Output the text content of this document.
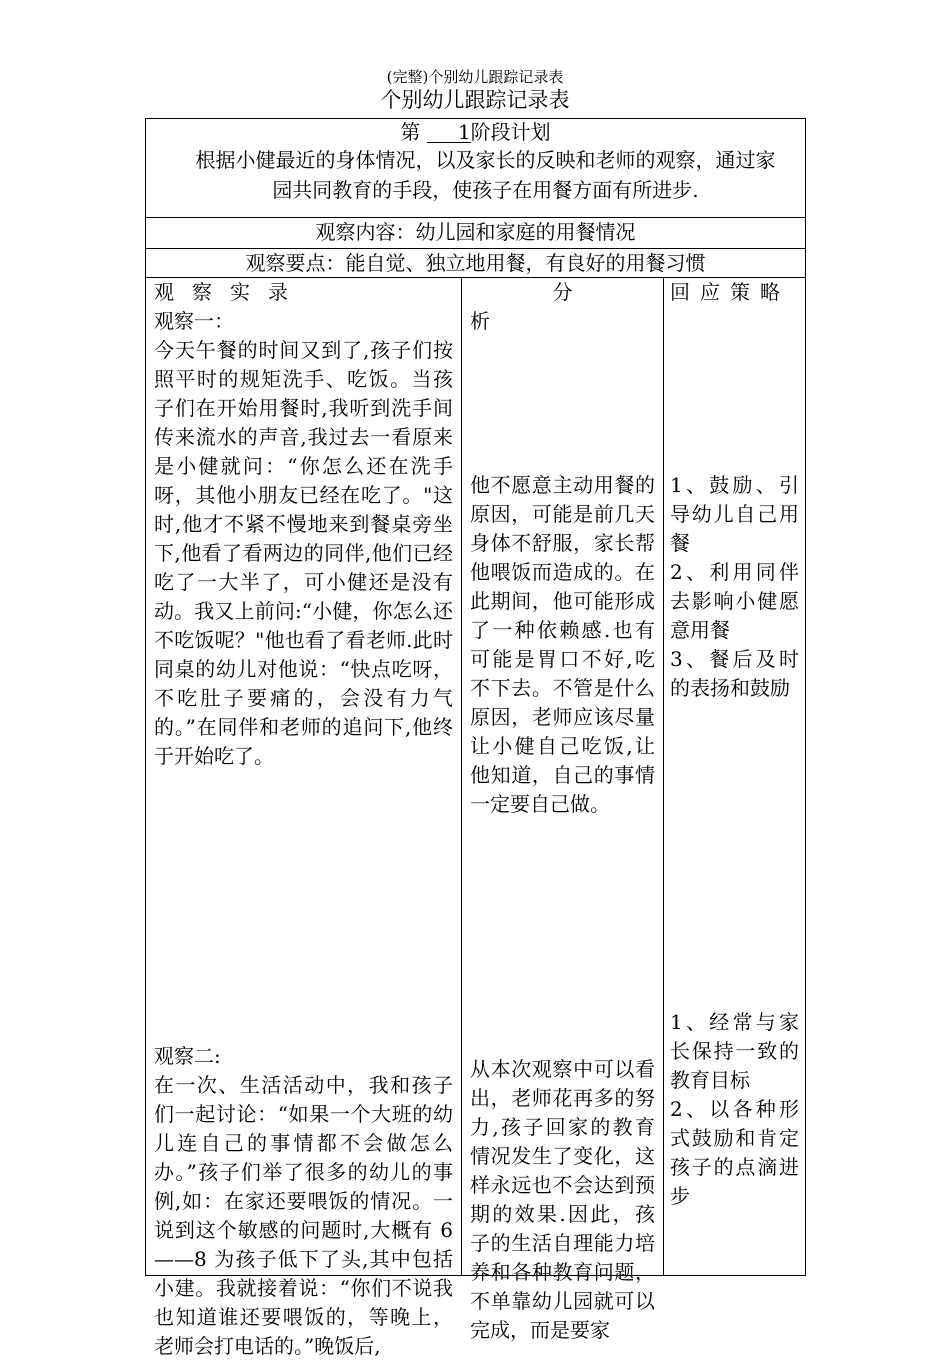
(完整)个别幼儿跟踪记录表
个别幼儿跟踪记录表
第 1阶段计划
根据小健最近的身体情况，以及家长的反映和老师的观察，通过家园共同教育的手段，使孩子在用餐方面有所进步.
观察内容：幼儿园和家庭的用餐情况
观察要点：能自觉、独立地用餐，有良好的用餐习惯
观察实录

观察一：

今天午餐的时间又到了,孩子们按照平时的规矩洗手、吃饭。当孩子们在开始用餐时,我听到洗手间传来流水的声音,我过去一看原来是小健就问：“你怎么还在洗手呀，其他小朋友已经在吃了。"这时,他才不紧不慢地来到餐桌旁坐下,他看了看两边的同伴,他们已经吃了一大半了，可小健还是没有动。我又上前问:“小健，你怎么还不吃饭呢？"他也看了看老师.此时同桌的幼儿对他说：“快点吃呀，不吃肚子要痛的，会没有力气的。”在同伴和老师的追问下,他终于开始吃了。

观察二:

在一次、生活活动中，我和孩子们一起讨论：“如果一个大班的幼儿连自己的事情都不会做怎么办。”孩子们举了很多的幼儿的事例,如：在家还要喂饭的情况。一说到这个敏感的问题时,大概有 6——8 为孩子低下了头,其中包括小建。我就接着说：“你们不说我也知道谁还要喂饭的，等晚上，老师会打电话的。”晚饭后,

分
析
他不愿意主动用餐的原因，可能是前几天身体不舒服，家长帮他喂饭而造成的。在此期间，他可能形成了一种依赖感.也有可能是胃口不好,吃不下去。不管是什么原因，老师应该尽量让小健自己吃饭,让他知道，自己的事情一定要自己做。
从本次观察中可以看出，老师花再多的努力,孩子回家的教育情况发生了变化，这样永远也不会达到预期的效果.因此，孩子的生活自理能力培养和各种教育问题，不单靠幼儿园就可以完成，而是要家
回应策略

1、鼓励、引导幼儿自己用餐

2、利用同伴去影响小健愿意用餐

3、餐后及时的表扬和鼓励

1、经常与家长保持一致的教育目标

2、以各种形式鼓励和肯定孩子的点滴进步
